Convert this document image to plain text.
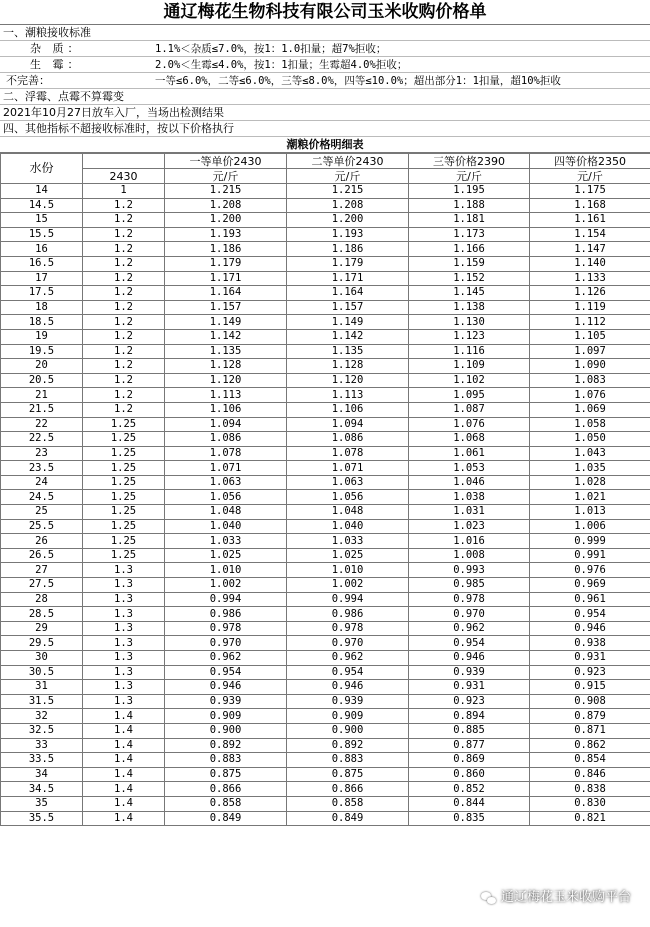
通辽梅花生物科技有限公司玉米收购价格单
一、潮粮接收标准
杂 质：	1.1%＜杂质≤7.0%，按1：1.0扣量；超7%拒收；
生 霉：	2.0%＜生霉≤4.0%，按1：1扣量；生霉超4.0%拒收；
不完善：	一等≤6.0%，二等≤6.0%，三等≤8.0%，四等≤10.0%；超出部分1：1扣量，超10%拒收
二、浮霉、点霉不算霉变
2021年10月27日放车入厂，当场出检测结果
四、其他指标不超接收标准时，按以下价格执行
潮粮价格明细表
水份		一等单价2430	二等单价2430	三等价格2390	四等价格2350
	2430	元/斤	元/斤	元/斤	元/斤
14	1	1.215	1.215	1.195	1.175
14.5	1.2	1.208	1.208	1.188	1.168
15	1.2	1.200	1.200	1.181	1.161
15.5	1.2	1.193	1.193	1.173	1.154
16	1.2	1.186	1.186	1.166	1.147
16.5	1.2	1.179	1.179	1.159	1.140
17	1.2	1.171	1.171	1.152	1.133
17.5	1.2	1.164	1.164	1.145	1.126
18	1.2	1.157	1.157	1.138	1.119
18.5	1.2	1.149	1.149	1.130	1.112
19	1.2	1.142	1.142	1.123	1.105
19.5	1.2	1.135	1.135	1.116	1.097
20	1.2	1.128	1.128	1.109	1.090
20.5	1.2	1.120	1.120	1.102	1.083
21	1.2	1.113	1.113	1.095	1.076
21.5	1.2	1.106	1.106	1.087	1.069
22	1.25	1.094	1.094	1.076	1.058
22.5	1.25	1.086	1.086	1.068	1.050
23	1.25	1.078	1.078	1.061	1.043
23.5	1.25	1.071	1.071	1.053	1.035
24	1.25	1.063	1.063	1.046	1.028
24.5	1.25	1.056	1.056	1.038	1.021
25	1.25	1.048	1.048	1.031	1.013
25.5	1.25	1.040	1.040	1.023	1.006
26	1.25	1.033	1.033	1.016	0.999
26.5	1.25	1.025	1.025	1.008	0.991
27	1.3	1.010	1.010	0.993	0.976
27.5	1.3	1.002	1.002	0.985	0.969
28	1.3	0.994	0.994	0.978	0.961
28.5	1.3	0.986	0.986	0.970	0.954
29	1.3	0.978	0.978	0.962	0.946
29.5	1.3	0.970	0.970	0.954	0.938
30	1.3	0.962	0.962	0.946	0.931
30.5	1.3	0.954	0.954	0.939	0.923
31	1.3	0.946	0.946	0.931	0.915
31.5	1.3	0.939	0.939	0.923	0.908
32	1.4	0.909	0.909	0.894	0.879
32.5	1.4	0.900	0.900	0.885	0.871
33	1.4	0.892	0.892	0.877	0.862
33.5	1.4	0.883	0.883	0.869	0.854
34	1.4	0.875	0.875	0.860	0.846
34.5	1.4	0.866	0.866	0.852	0.838
35	1.4	0.858	0.858	0.844	0.830
35.5	1.4	0.849	0.849	0.835	0.821
通辽梅花玉米收购平台
